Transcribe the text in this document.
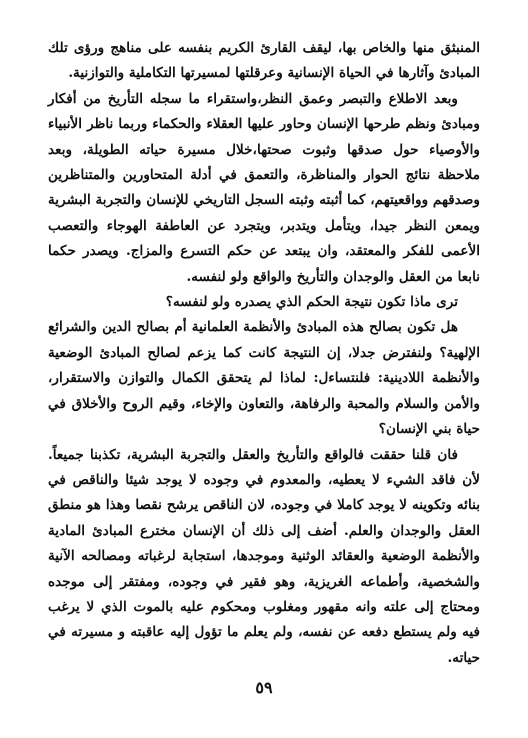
المنبثق منها والخاص بها، ليقف القارئ الكريم بنفسه على مناهج ورؤى تلك المبادئ وآثارها في الحياة الإنسانية وعرقلتها لمسيرتها التكاملية والتوازنية.

وبعد الاطلاع والتبصر وعمق النظر،واستقراء ما سجله التأريخ من أفكار ومبادئ ونظم طرحها الإنسان وحاور عليها العقلاء والحكماء وربما ناظر الأنبياء والأوصياء حول صدقها وثبوت صحتها،خلال مسيرة حياته الطويلة، وبعد ملاحظة نتائج الحوار والمناظرة، والتعمق في أدلة المتحاورين والمتناظرين وصدقهم وواقعيتهم، كما أثبته وثبته السجل التاريخي للإنسان والتجربة البشرية ويمعن النظر جيدا، ويتأمل ويتدبر، ويتجرد عن العاطفة الهوجاء والتعصب الأعمى للفكر والمعتقد، وان يبتعد عن حكم التسرع والمزاج. ويصدر حكما نابعا من العقل والوجدان والتأريخ والواقع ولو لنفسه.

ترى ماذا تكون نتيجة الحكم الذي يصدره ولو لنفسه؟

هل تكون بصالح هذه المبادئ والأنظمة العلمانية أم بصالح الدين والشرائع الإلهية؟ ولنفترض جدلا، إن النتيجة كانت كما يزعم لصالح المبادئ الوضعية والأنظمة اللادينية: فلنتساءل: لماذا لم يتحقق الكمال والتوازن والاستقرار، والأمن والسلام والمحبة والرفاهة، والتعاون والإخاء، وقيم الروح والأخلاق في حياة بني الإنسان؟

فان قلنا حققت فالواقع والتأريخ والعقل والتجربة البشرية، تكذبنا جميعاً. لأن فاقد الشيء لا يعطيه، والمعدوم في وجوده لا يوجد شيئا والناقص في بنائه وتكوينه لا يوجد كاملا في وجوده، لان الناقص يرشح نقصا وهذا هو منطق العقل والوجدان والعلم. أضف إلى ذلك أن الإنسان مخترع المبادئ المادية والأنظمة الوضعية والعقائد الوثنية وموجدها، استجابة لرغباته ومصالحه الآنية والشخصية، وأطماعه الغريزية، وهو فقير في وجوده، ومفتقر إلى موجده ومحتاج إلى علته وانه مقهور ومغلوب ومحكوم عليه بالموت الذي لا يرغب فيه ولم يستطع دفعه عن نفسه، ولم يعلم ما تؤول إليه عاقبته و مسيرته في حياته.

٥٩
